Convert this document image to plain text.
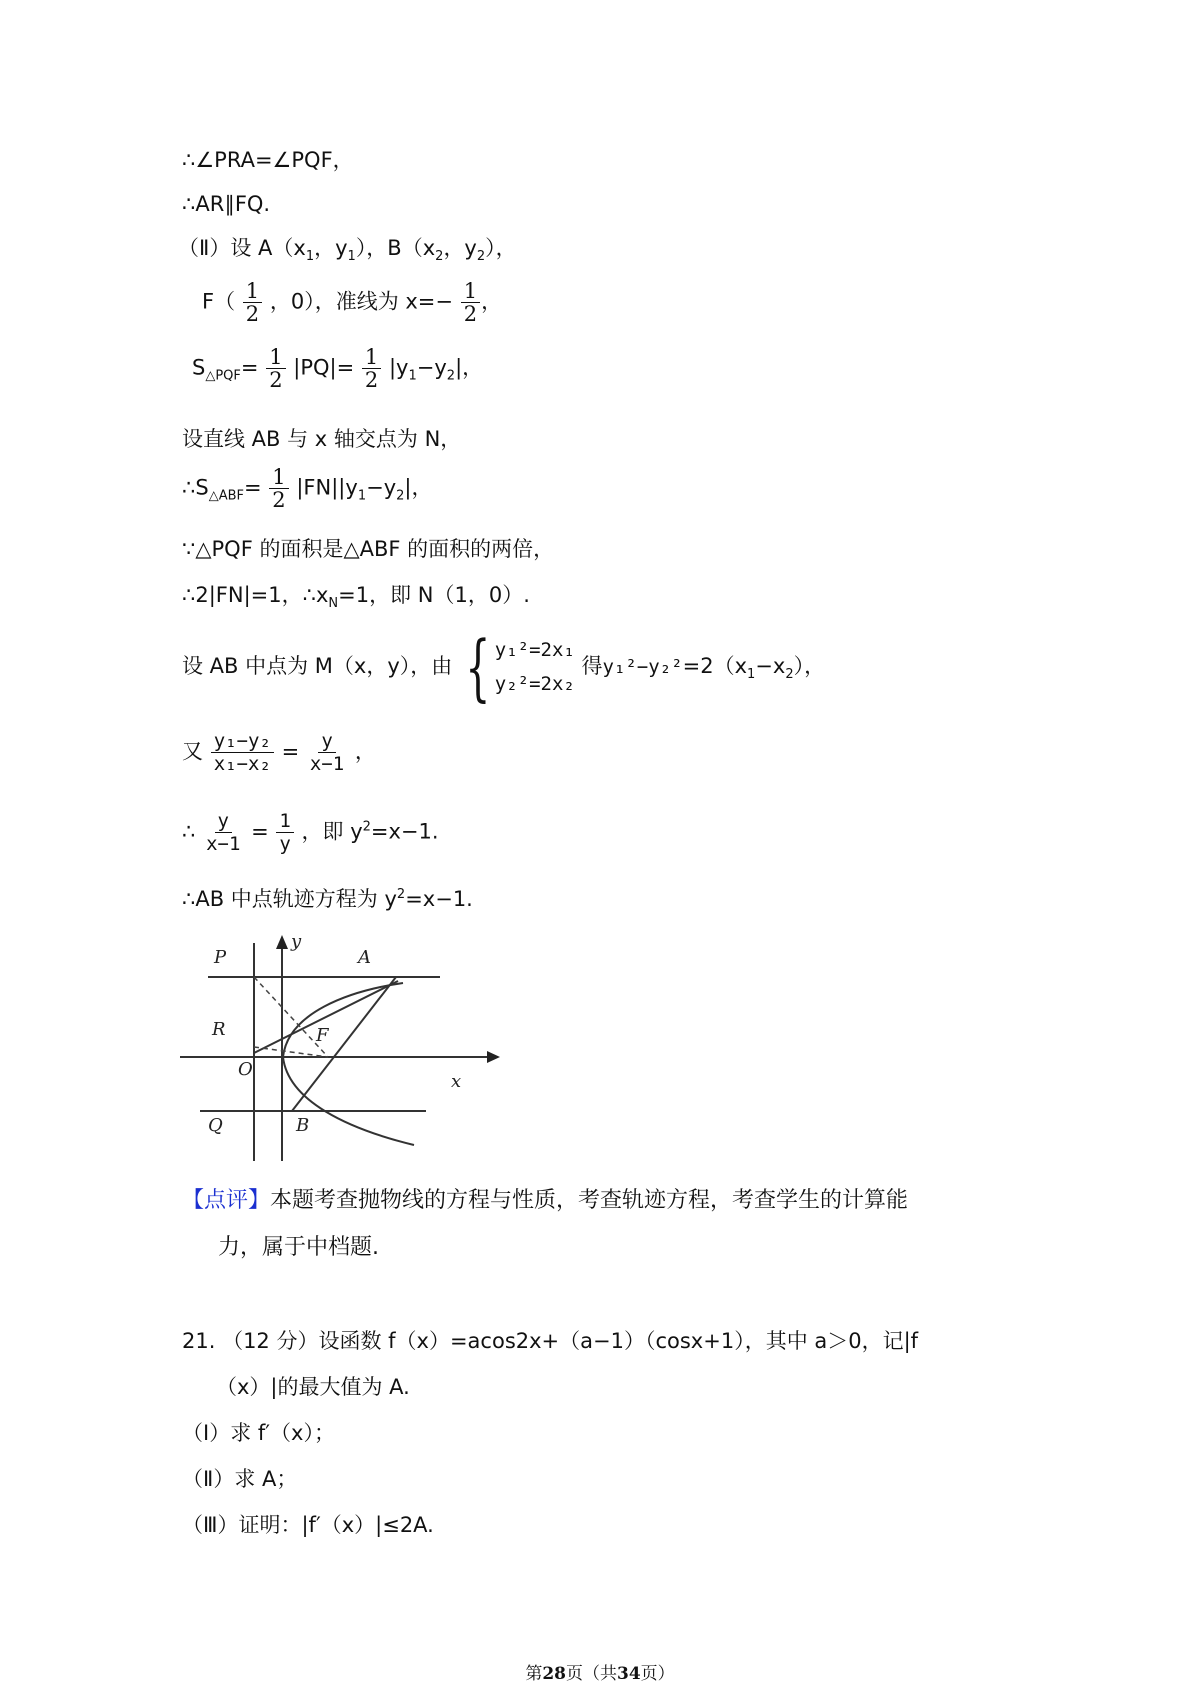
∴∠PRA=∠PQF，
∴AR∥FQ.
（Ⅱ）设 $A(x_1$，$y_1$），$B(x_2$，$y_2$），
$F( \frac{1}{2}$ ，0），准线为 $x=- \frac{1}{2}$ ，
$S_{\triangle PQF}= \frac{1}{2} |PQ|= \frac{1}{2} |y_1-y_2|$，
设直线 AB 与 x 轴交点为 N，
$\therefore S_{\triangle ABF}= \frac{1}{2} |FN||y_1-y_2|$，
∵△PQF 的面积是△ABF 的面积的两倍，
∴2|FN|=1，$\therefore x_N=1$，即 N（1，0）.
设 AB 中点为 M（x，y），由 { y₁²=2x₁
y₂²=2x₂
得$y_1^2-y_2^2=2(x_1-x_2)$，
又 $\frac{\text{y₁−y₂}}{\text{x₁−x₂}} = \frac{y}{x-1}$ ，
∴ $\frac{y}{x-1} = \frac{1}{y}$ ，即 $y^2=x-1$.
∴AB 中点轨迹方程为 $y^2=x-1$.
P
y
A
R	F
O
x
Q	B
【点评】本题考查抛物线的方程与性质，考查轨迹方程，考查学生的计算能
力，属于中档题.
21. （12 分）设函数 f（x）=acos2x+（a−1）（cosx+1），其中 a＞0，记|f
（x）|的最大值为 A.
（Ⅰ）求 f′（x）；
（Ⅱ）求 A；
（Ⅲ）证明：|f′（x）|≤2A.
第28页（共34页）
